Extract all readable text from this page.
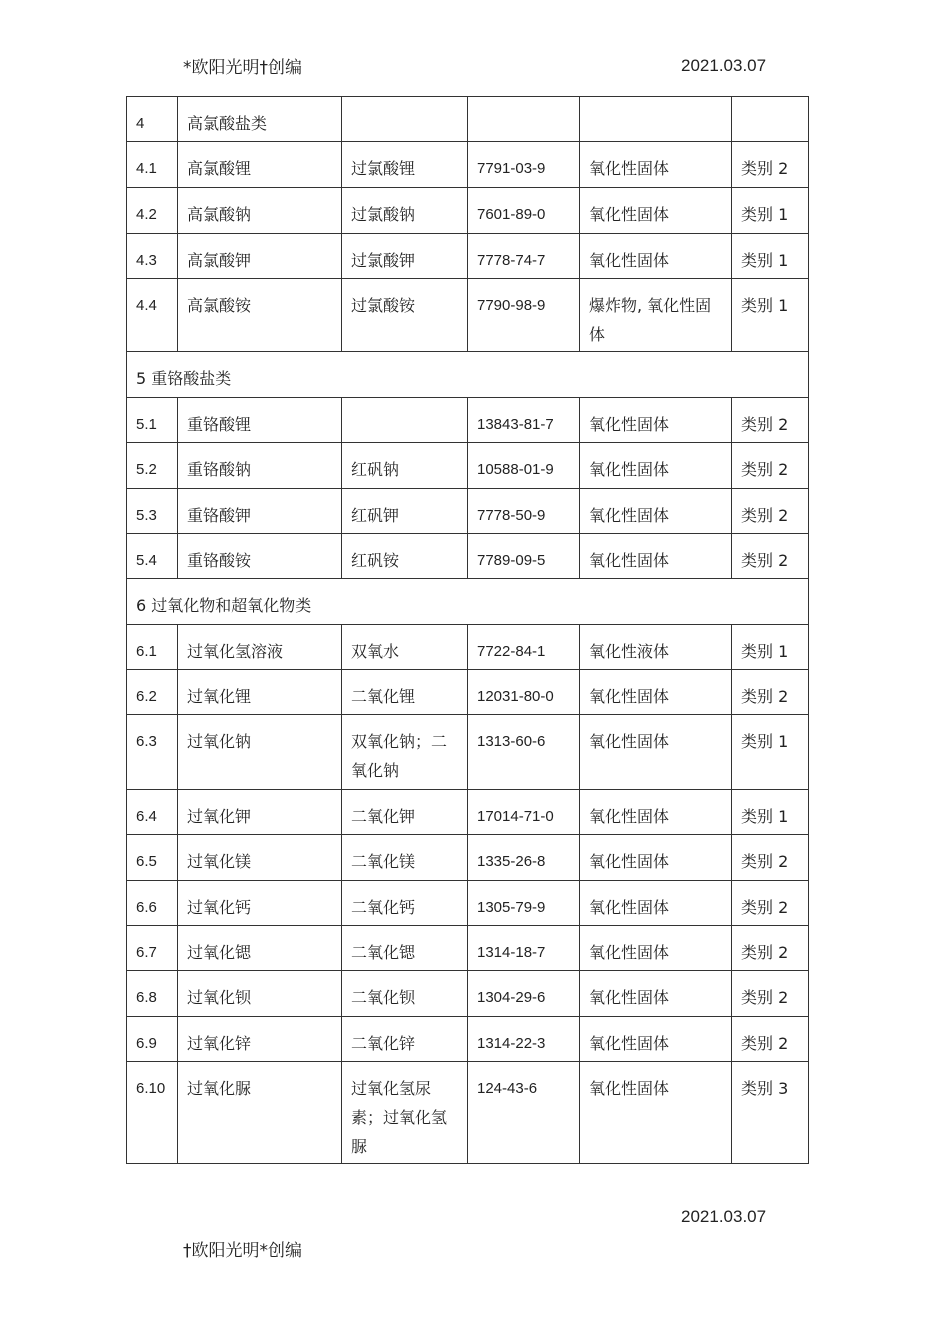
*欧阳光明†创编	2021.03.07
4	高氯酸盐类				
4.1	高氯酸锂	过氯酸锂	7791-03-9	氧化性固体	类别 2
4.2	高氯酸钠	过氯酸钠	7601-89-0	氧化性固体	类别 1
4.3	高氯酸钾	过氯酸钾	7778-74-7	氧化性固体	类别 1
4.4	高氯酸铵	过氯酸铵	7790-98-9	爆炸物, 氧化性固体	类别 1
5 重铬酸盐类					
5.1	重铬酸锂		13843-81-7	氧化性固体	类别 2
5.2	重铬酸钠	红矾钠	10588-01-9	氧化性固体	类别 2
5.3	重铬酸钾	红矾钾	7778-50-9	氧化性固体	类别 2
5.4	重铬酸铵	红矾铵	7789-09-5	氧化性固体	类别 2
6 过氧化物和超氧化物类					
6.1	过氧化氢溶液	双氧水	7722-84-1	氧化性液体	类别 1
6.2	过氧化锂	二氧化锂	12031-80-0	氧化性固体	类别 2
6.3	过氧化钠	双氧化钠；二氧化钠	1313-60-6	氧化性固体	类别 1
6.4	过氧化钾	二氧化钾	17014-71-0	氧化性固体	类别 1
6.5	过氧化镁	二氧化镁	1335-26-8	氧化性固体	类别 2
6.6	过氧化钙	二氧化钙	1305-79-9	氧化性固体	类别 2
6.7	过氧化锶	二氧化锶	1314-18-7	氧化性固体	类别 2
6.8	过氧化钡	二氧化钡	1304-29-6	氧化性固体	类别 2
6.9	过氧化锌	二氧化锌	1314-22-3	氧化性固体	类别 2
6.10	过氧化脲	过氧化氢尿素；过氧化氢脲	124-43-6	氧化性固体	类别 3
2021.03.07
†欧阳光明*创编
